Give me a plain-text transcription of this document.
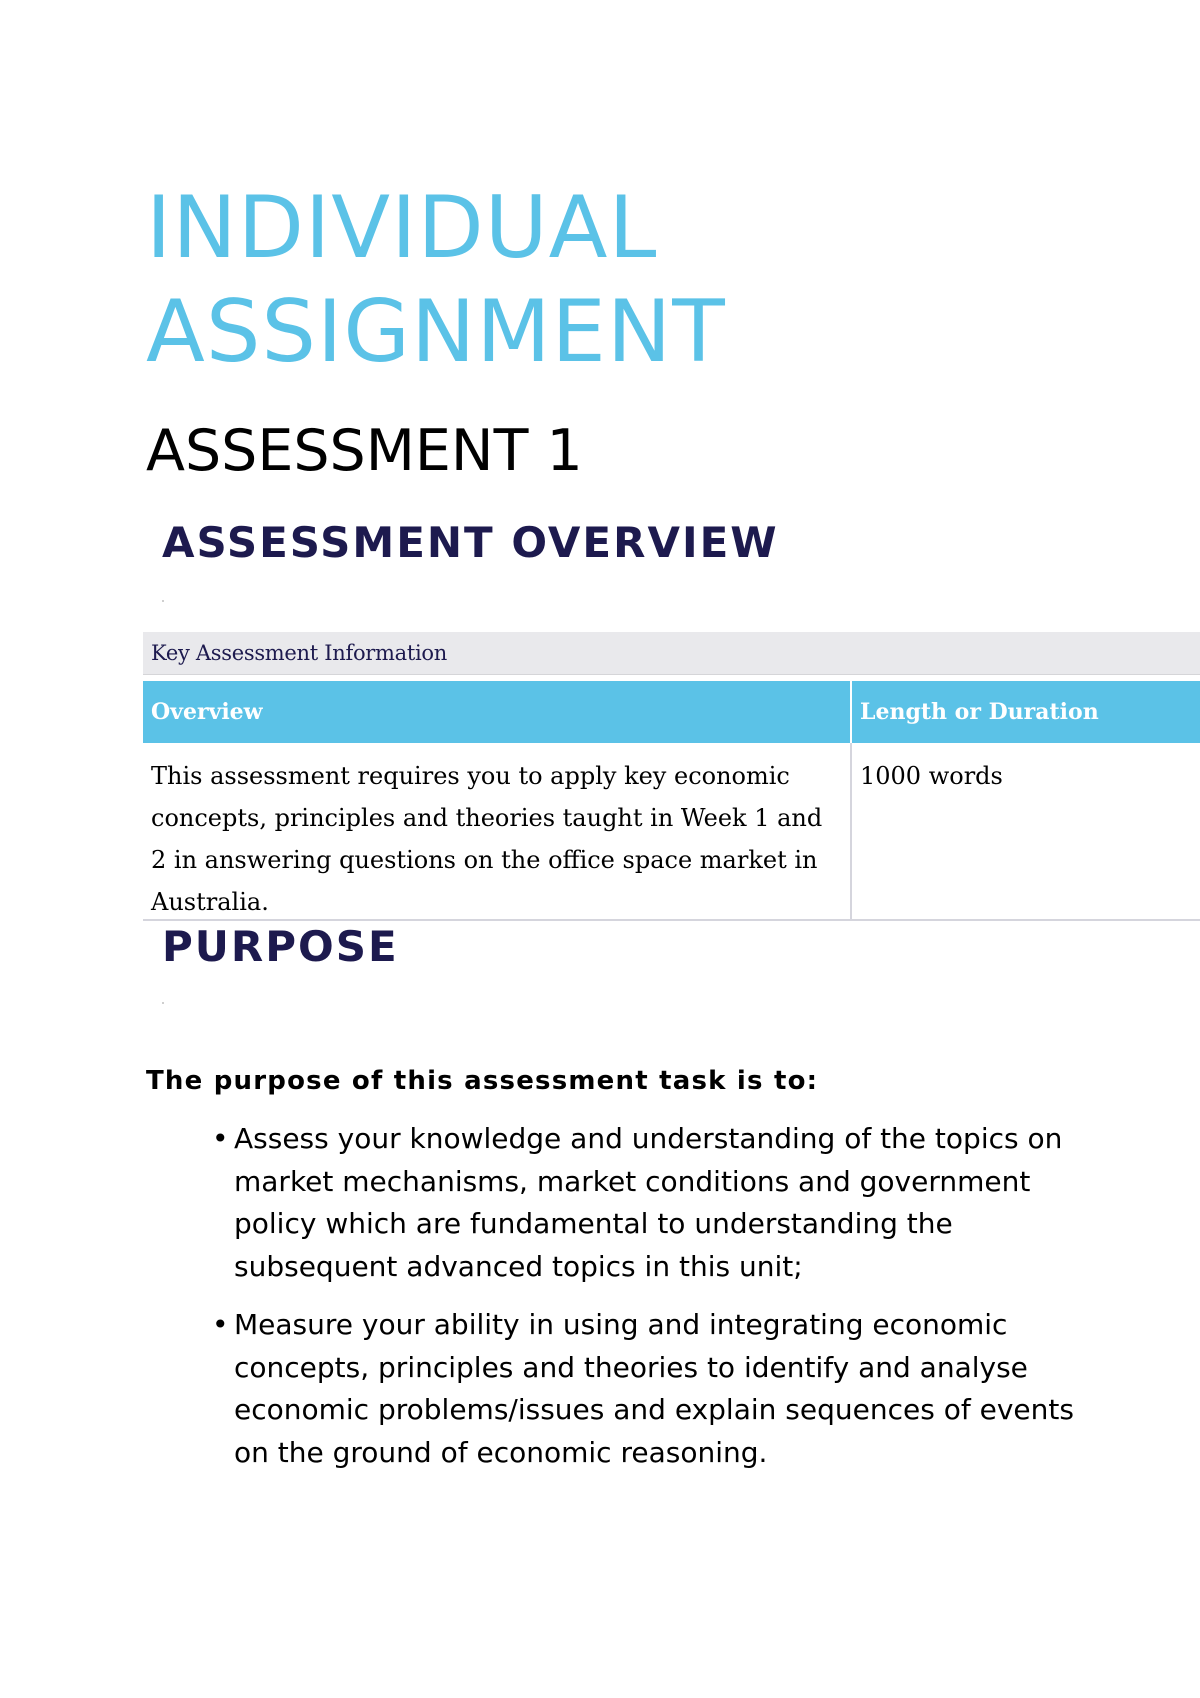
INDIVIDUAL
ASSIGNMENT
ASSESSMENT 1
ASSESSMENT OVERVIEW
Key Assessment Information
Overview	Length or Duration
This assessment requires you to apply key economic concepts, principles and theories taught in Week 1 and 2 in answering questions on the office space market in Australia.
1000 words
PURPOSE

The purpose of this assessment task is to:

• Assess your knowledge and understanding of the topics on market mechanisms, market conditions and government policy which are fundamental to understanding the subsequent advanced topics in this unit;
• Measure your ability in using and integrating economic concepts, principles and theories to identify and analyse economic problems/issues and explain sequences of events on the ground of economic reasoning.
